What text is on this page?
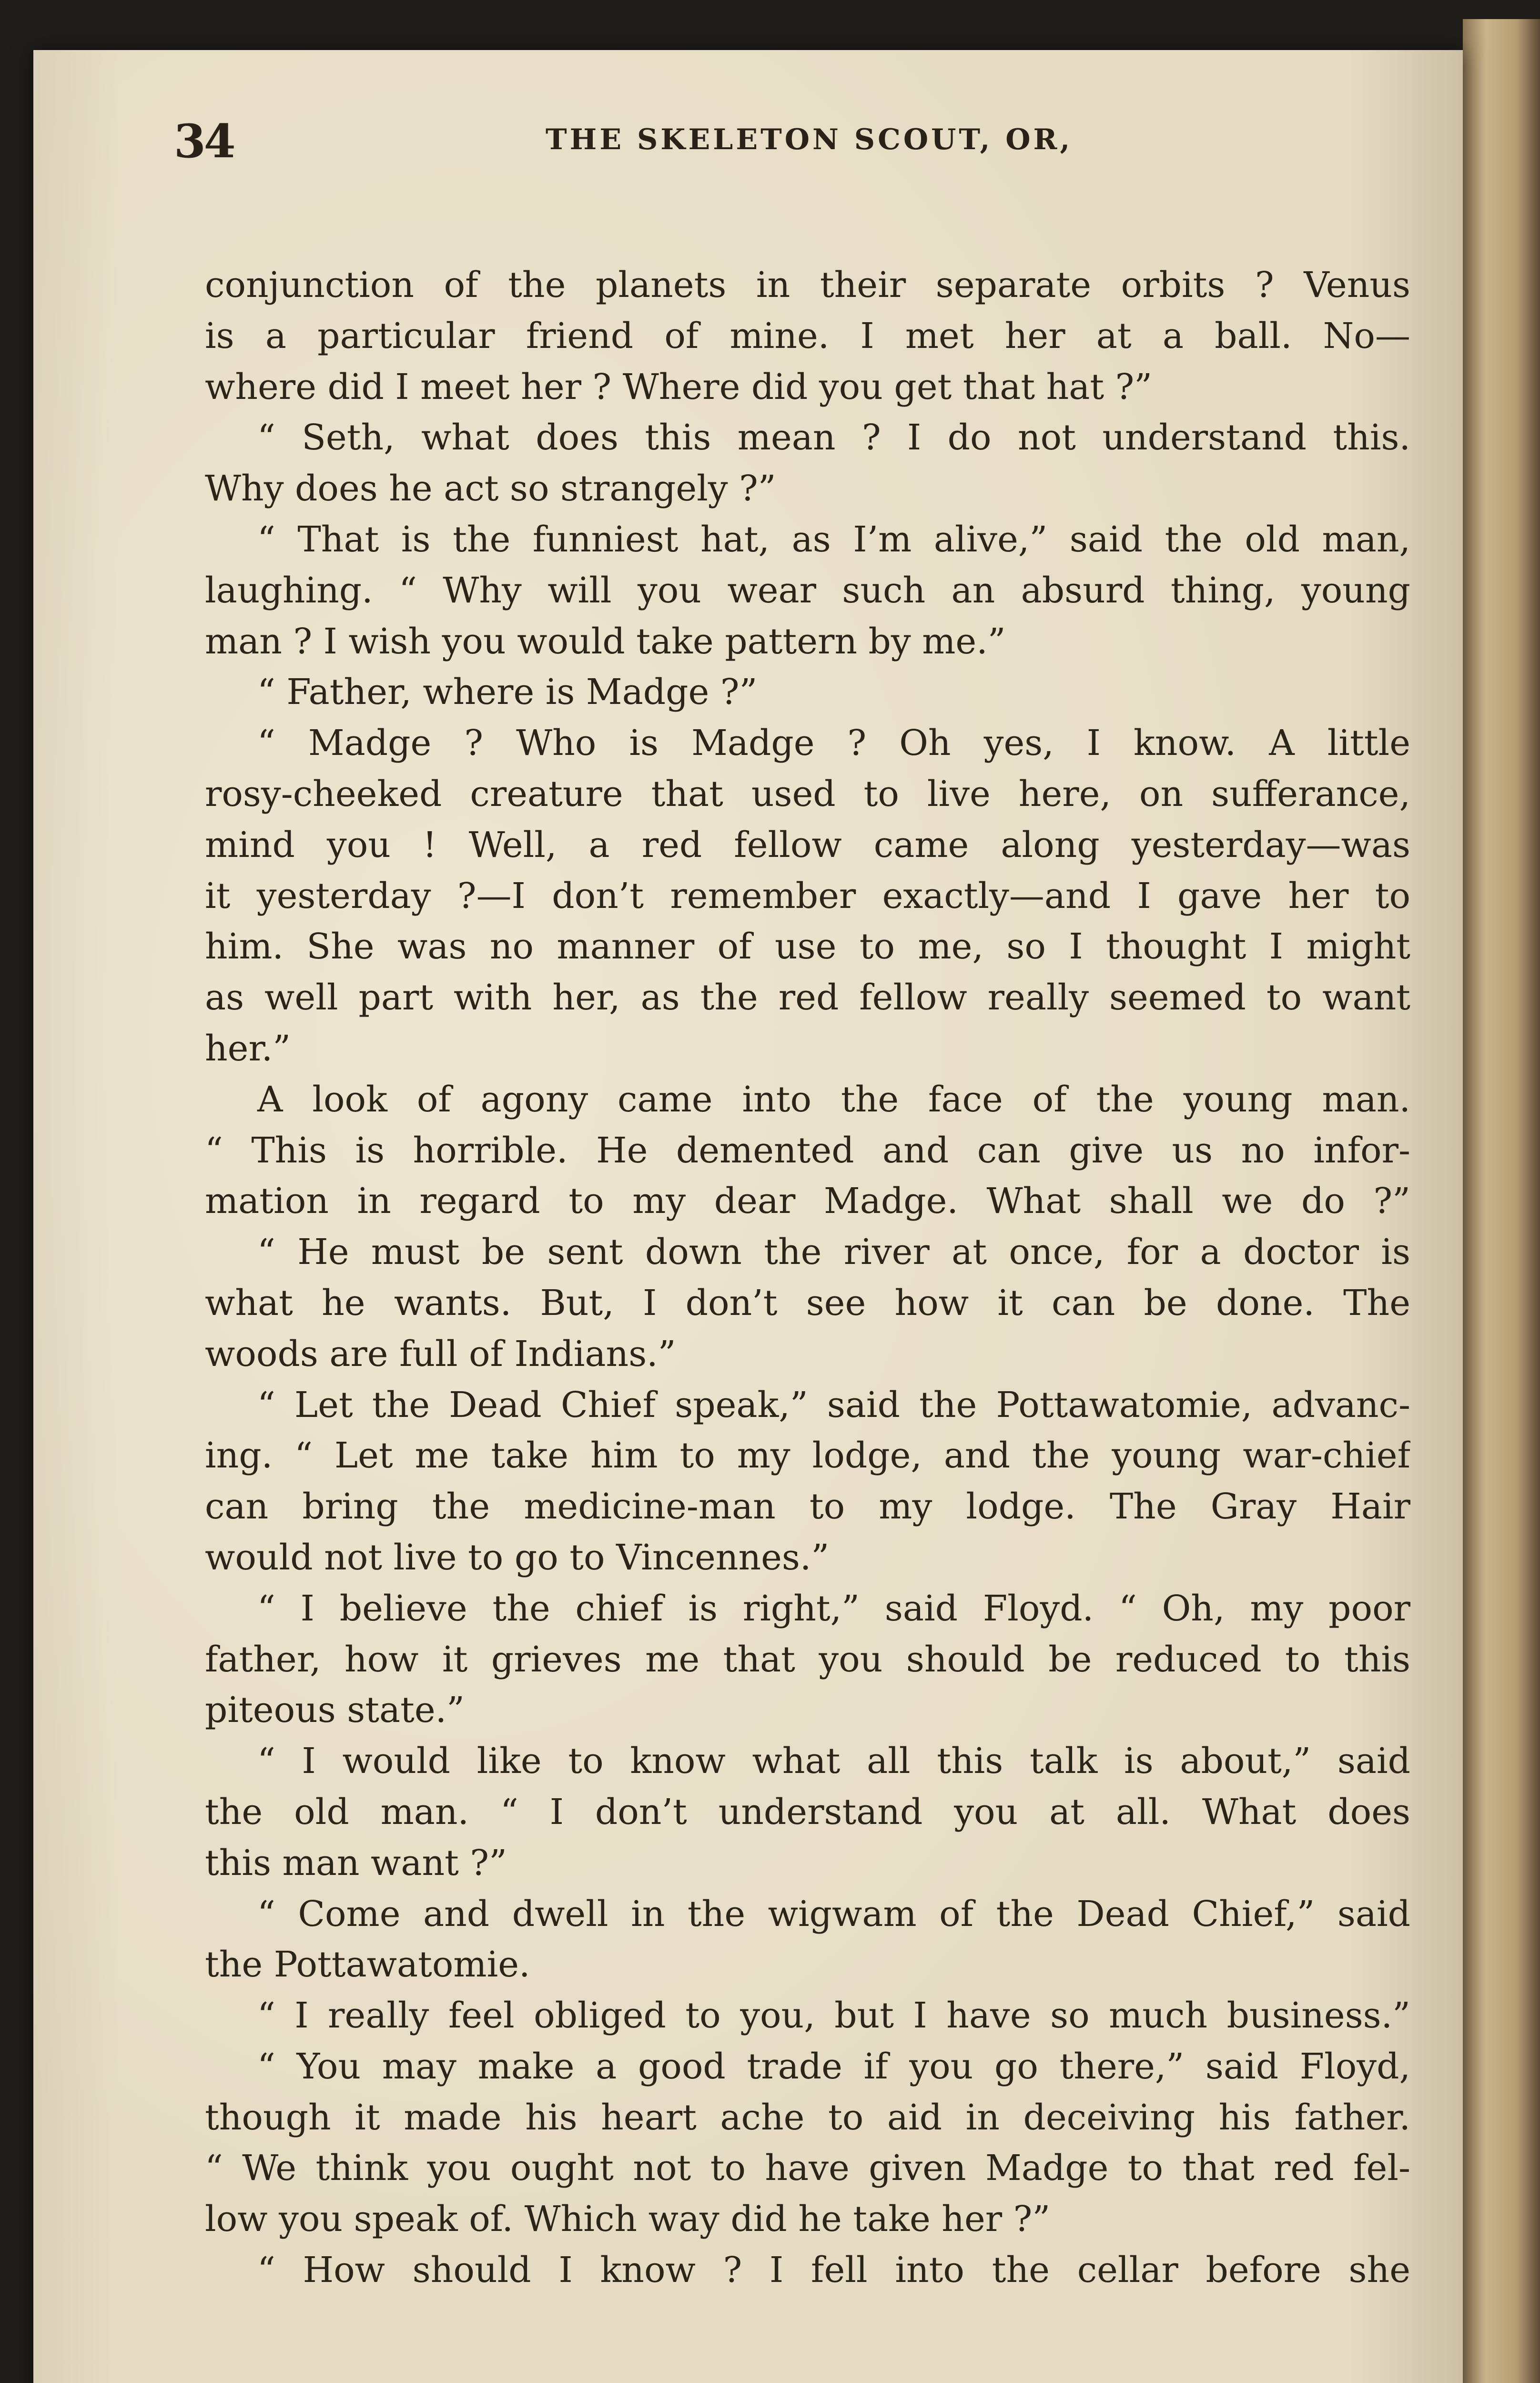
34	THE SKELETON SCOUT, OR,
conjunction of the planets in their separate orbits ? Venus
is a particular friend of mine. I met her at a ball. No—
where did I meet her ? Where did you get that hat ?”
“ Seth, what does this mean ? I do not understand this.
Why does he act so strangely ?”
“ That is the funniest hat, as I’m alive,” said the old man,
laughing. “ Why will you wear such an absurd thing, young
man ? I wish you would take pattern by me.”
“ Father, where is Madge ?”
“ Madge ? Who is Madge ? Oh yes, I know. A little
rosy-cheeked creature that used to live here, on sufferance,
mind you ! Well, a red fellow came along yesterday—was
it yesterday ?—I don’t remember exactly—and I gave her to
him. She was no manner of use to me, so I thought I might
as well part with her, as the red fellow really seemed to want
her.”
A look of agony came into the face of the young man.
“ This is horrible. He demented and can give us no infor-
mation in regard to my dear Madge. What shall we do ?”
“ He must be sent down the river at once, for a doctor is
what he wants. But, I don’t see how it can be done. The
woods are full of Indians.”
“ Let the Dead Chief speak,” said the Pottawatomie, advanc-
ing. “ Let me take him to my lodge, and the young war-chief
can bring the medicine-man to my lodge. The Gray Hair
would not live to go to Vincennes.”
“ I believe the chief is right,” said Floyd. “ Oh, my poor
father, how it grieves me that you should be reduced to this
piteous state.”
“ I would like to know what all this talk is about,” said
the old man. “ I don’t understand you at all. What does
this man want ?”
“ Come and dwell in the wigwam of the Dead Chief,” said
the Pottawatomie.
“ I really feel obliged to you, but I have so much business.”
“ You may make a good trade if you go there,” said Floyd,
though it made his heart ache to aid in deceiving his father.
“ We think you ought not to have given Madge to that red fel-
low you speak of. Which way did he take her ?”
“ How should I know ? I fell into the cellar before she
